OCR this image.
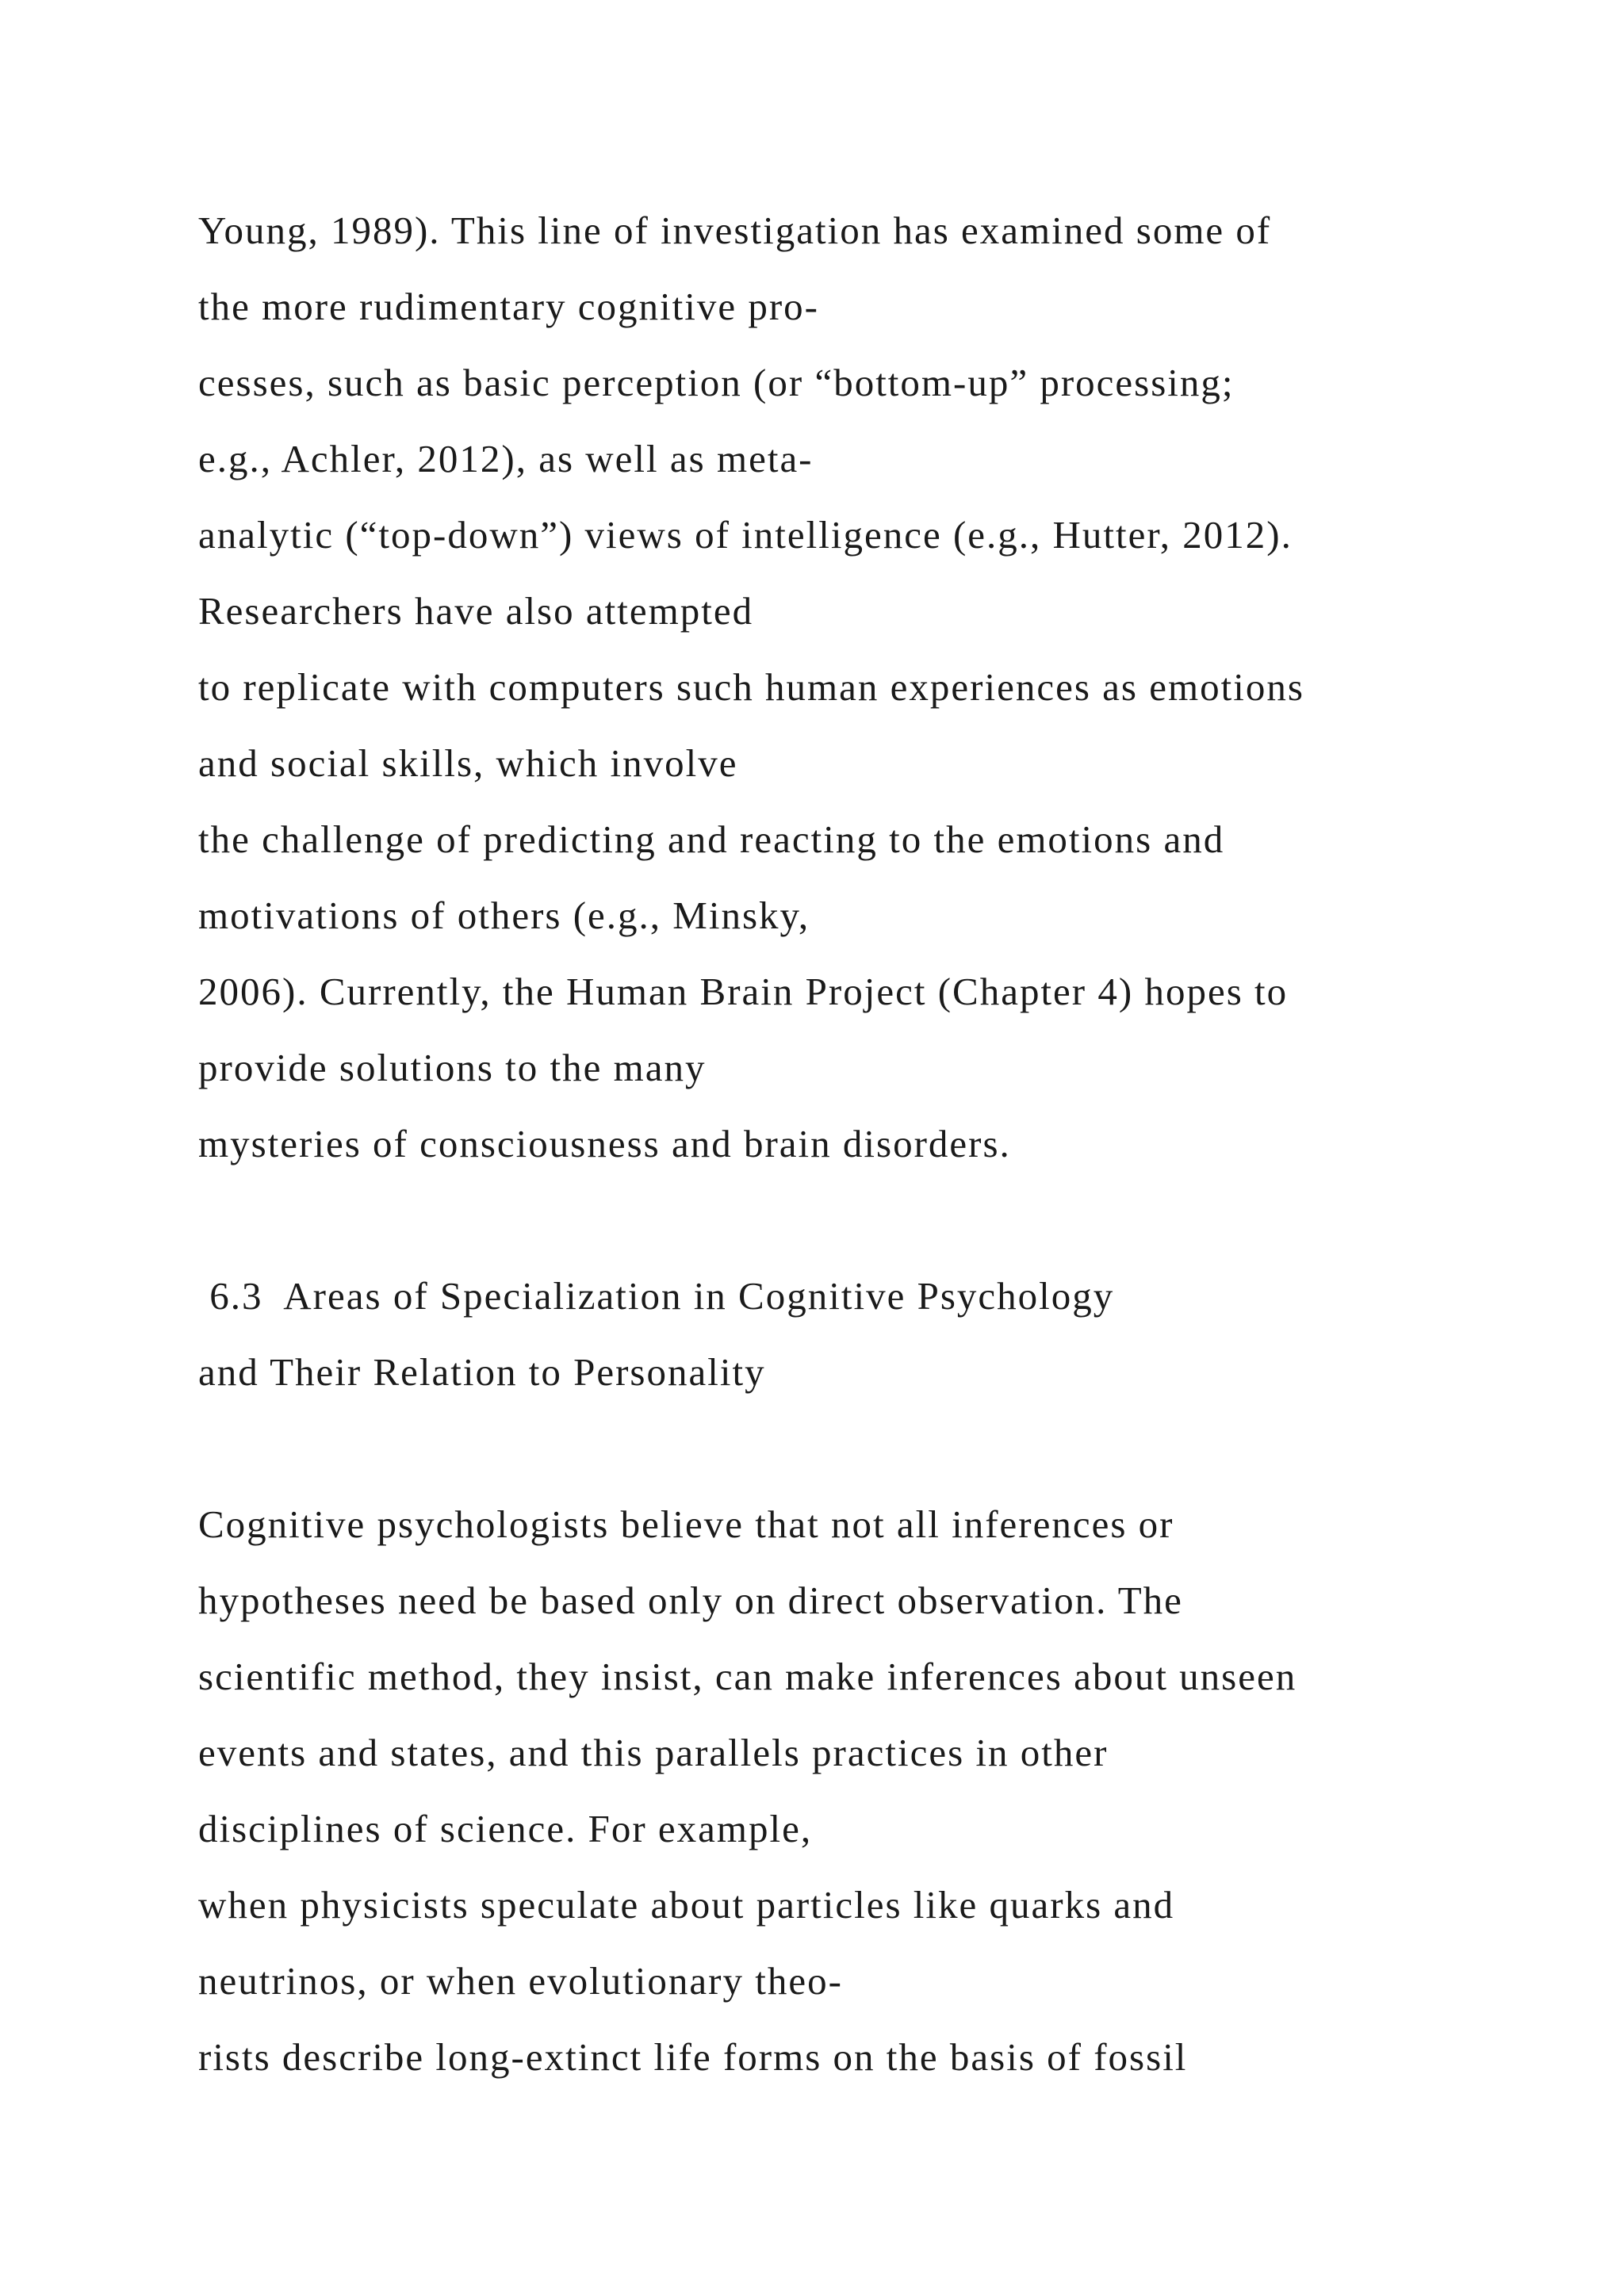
Young, 1989). This line of investigation has examined some of
the more rudimentary cognitive pro-
cesses, such as basic perception (or “bottom-up” processing;
e.g., Achler, 2012), as well as meta-
analytic (“top-down”) views of intelligence (e.g., Hutter, 2012).
Researchers have also attempted
to replicate with computers such human experiences as emotions
and social skills, which involve
the challenge of predicting and reacting to the emotions and
motivations of others (e.g., Minsky,
2006). Currently, the Human Brain Project (Chapter 4) hopes to
provide solutions to the many
mysteries of consciousness and brain disorders.
6.3  Areas of Specialization in Cognitive Psychology
and Their Relation to Personality
Cognitive psychologists believe that not all inferences or
hypotheses need be based only on direct observation. The
scientific method, they insist, can make inferences about unseen
events and states, and this parallels practices in other
disciplines of science. For example,
when physicists speculate about particles like quarks and
neutrinos, or when evolutionary theo-
rists describe long-extinct life forms on the basis of fossil
